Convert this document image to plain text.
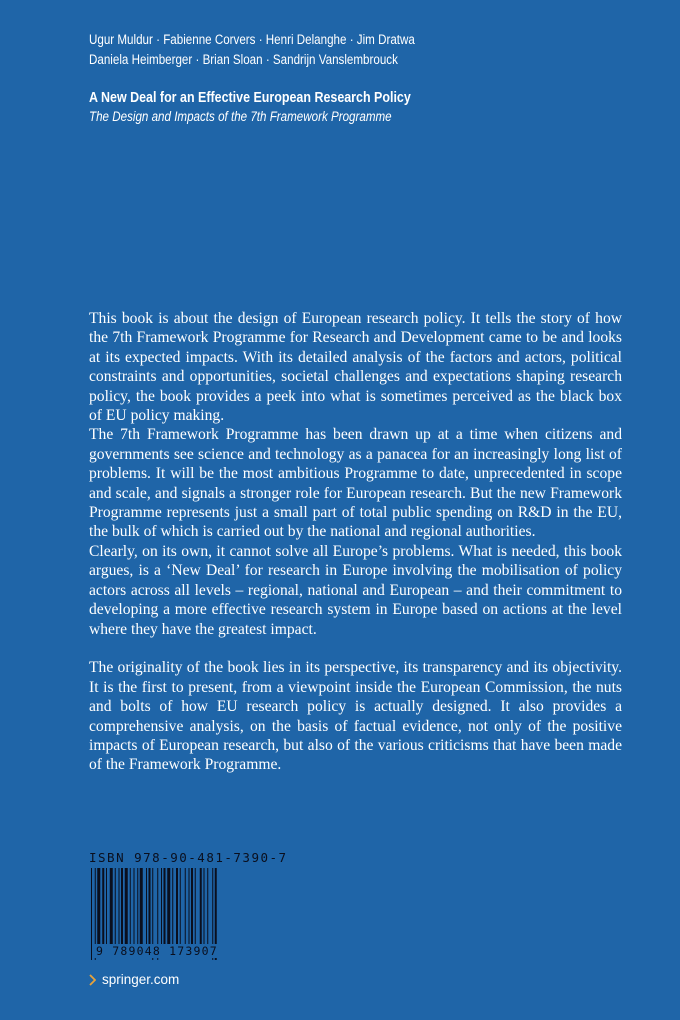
Ugur Muldur · Fabienne Corvers · Henri Delanghe · Jim Dratwa
Daniela Heimberger · Brian Sloan · Sandrijn Vanslembrouck
A New Deal for an Effective European Research Policy
The Design and Impacts of the 7th Framework Programme

This book is about the design of European research policy. It tells the story of how the 7th Framework Programme for Research and Development came to be and looks at its expected impacts. With its detailed analysis of the factors and actors, political constraints and opportunities, societal challenges and expectations shaping research policy, the book provides a peek into what is sometimes perceived as the black box of EU policy making.

The 7th Framework Programme has been drawn up at a time when citizens and governments see science and technology as a panacea for an increasingly long list of problems. It will be the most ambitious Programme to date, unprecedented in scope and scale, and signals a stronger role for European research. But the new Framework Programme represents just a small part of total public spending on R&D in the EU, the bulk of which is carried out by the national and regional authorities.

Clearly, on its own, it cannot solve all Europe’s problems. What is needed, this book argues, is a ‘New Deal’ for research in Europe involving the mobilisation of policy actors across all levels – regional, national and European – and their commitment to developing a more effective research system in Europe based on actions at the level where they have the greatest impact.

The originality of the book lies in its perspective, its transparency and its objectivity. It is the first to present, from a viewpoint inside the European Commission, the nuts and bolts of how EU research policy is actually designed. It also provides a comprehensive analysis, on the basis of factual evidence, not only of the positive impacts of European research, but also of the various criticisms that have been made of the Framework Programme.

ISBN 978-90-481-7390-7
9 789048 173907
springer.com
